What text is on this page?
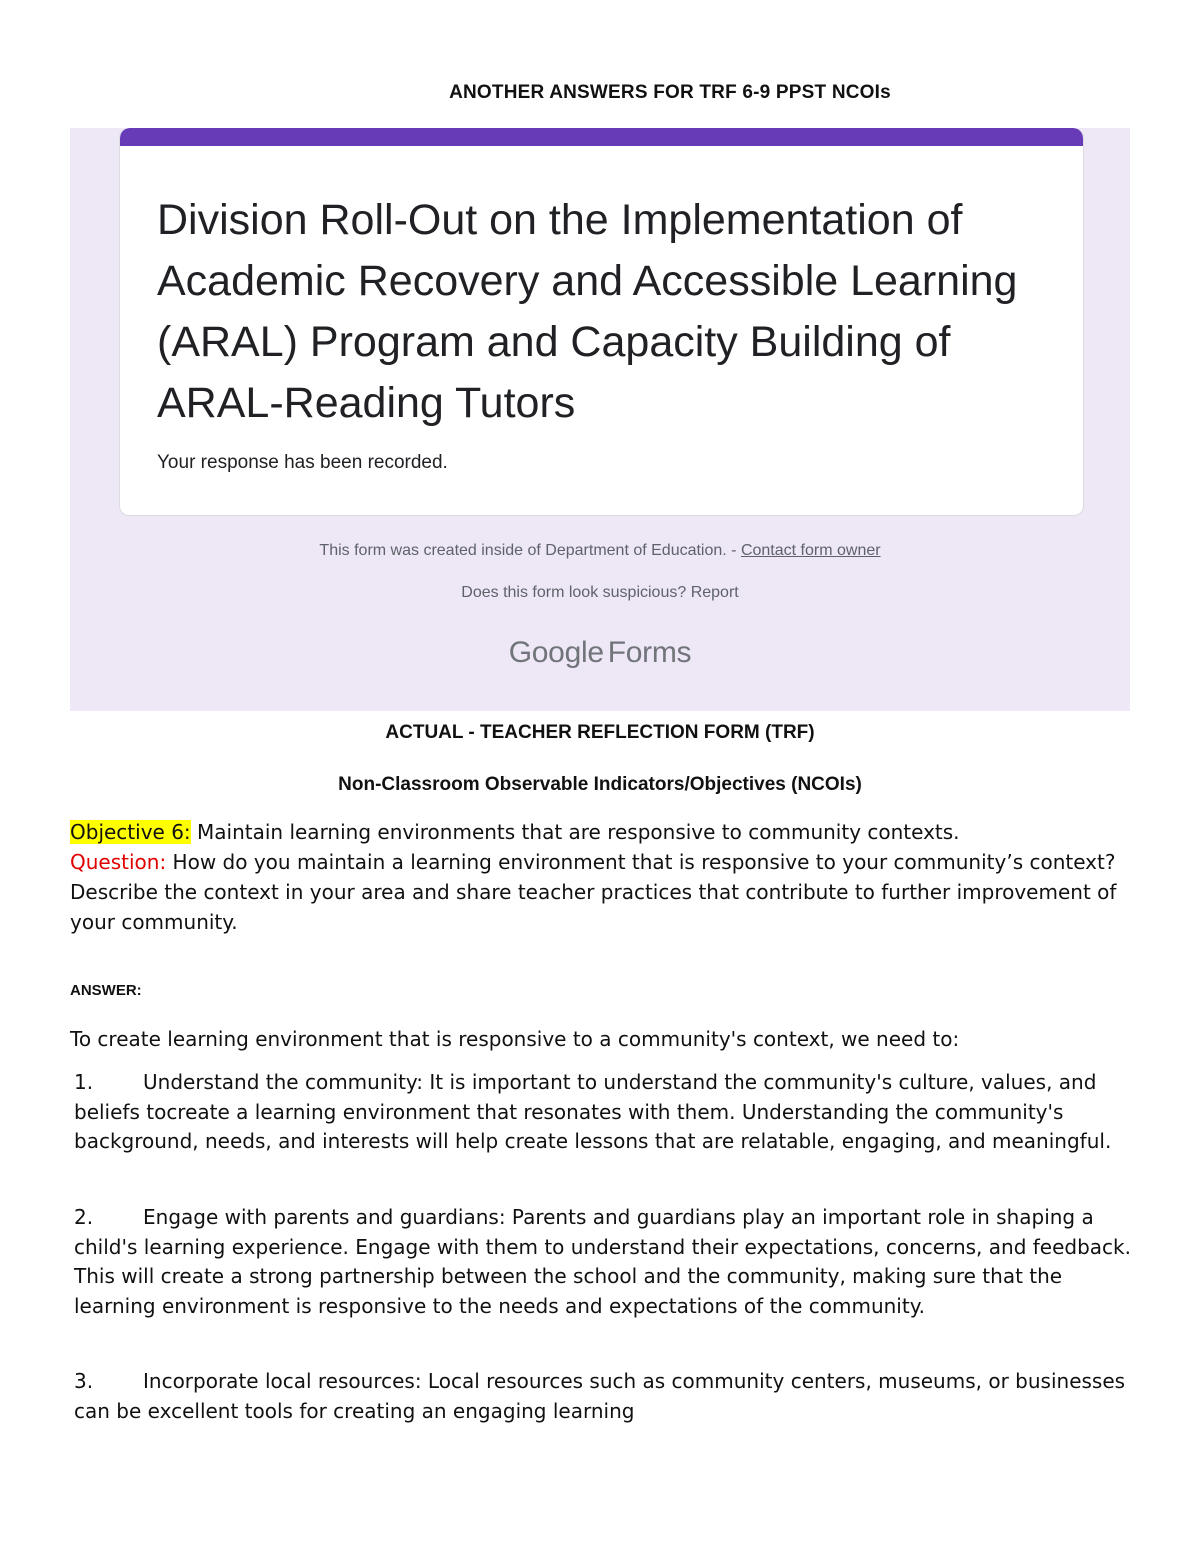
ANOTHER ANSWERS FOR TRF 6-9 PPST NCOIs
Division Roll-Out on the Implementation of Academic Recovery and Accessible Learning (ARAL) Program and Capacity Building of ARAL-Reading Tutors
Your response has been recorded.
This form was created inside of Department of Education. - Contact form owner
Does this form look suspicious? Report
Google Forms
ACTUAL - TEACHER REFLECTION FORM (TRF)
Non-Classroom Observable Indicators/Objectives (NCOIs)
Objective 6: Maintain learning environments that are responsive to community contexts.
Question: How do you maintain a learning environment that is responsive to your community’s context? Describe the context in your area and share teacher practices that contribute to further improvement of your community.
ANSWER:
To create learning environment that is responsive to a community's context, we need to:
1. Understand the community: It is important to understand the community's culture, values, and beliefs tocreate a learning environment that resonates with them. Understanding the community's background, needs, and interests will help create lessons that are relatable, engaging, and meaningful.
2. Engage with parents and guardians: Parents and guardians play an important role in shaping a child's learning experience. Engage with them to understand their expectations, concerns, and feedback. This will create a strong partnership between the school and the community, making sure that the learning environment is responsive to the needs and expectations of the community.
3. Incorporate local resources: Local resources such as community centers, museums, or businesses can be excellent tools for creating an engaging learning
